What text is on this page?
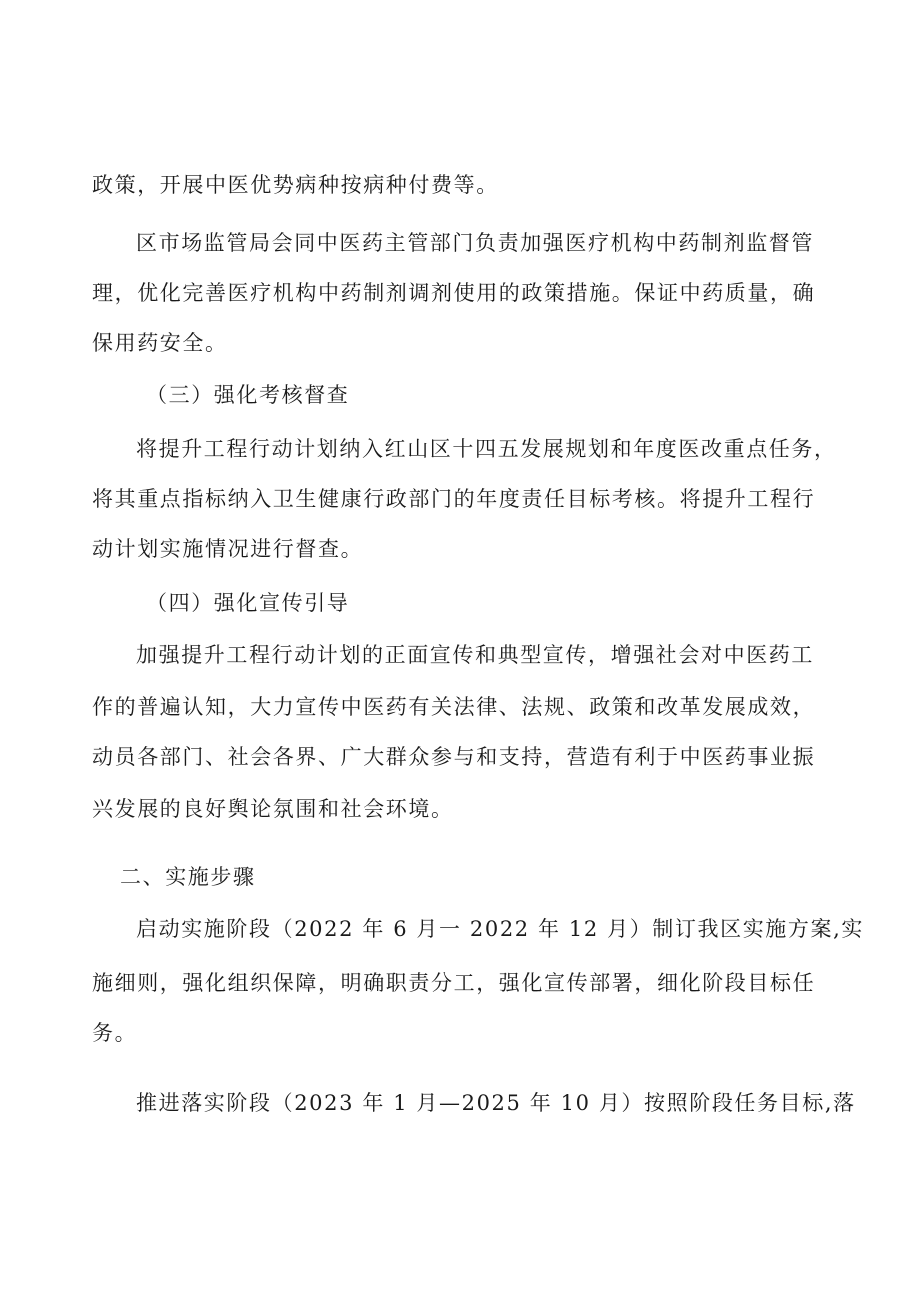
政策，开展中医优势病种按病种付费等。
区市场监管局会同中医药主管部门负责加强医疗机构中药制剂监督管
理，优化完善医疗机构中药制剂调剂使用的政策措施。保证中药质量，确
保用药安全。
（三）强化考核督查
将提升工程行动计划纳入红山区十四五发展规划和年度医改重点任务，
将其重点指标纳入卫生健康行政部门的年度责任目标考核。将提升工程行
动计划实施情况进行督查。
（四）强化宣传引导
加强提升工程行动计划的正面宣传和典型宣传，增强社会对中医药工
作的普遍认知，大力宣传中医药有关法律、法规、政策和改革发展成效，
动员各部门、社会各界、广大群众参与和支持，营造有利于中医药事业振
兴发展的良好舆论氛围和社会环境。
二、实施步骤
启动实施阶段（2022 年 6 月一 2022 年 12 月）制订我区实施方案,实
施细则，强化组织保障，明确职责分工，强化宣传部署，细化阶段目标任
务。
推进落实阶段（2023 年 1 月—2025 年 10 月）按照阶段任务目标,落
